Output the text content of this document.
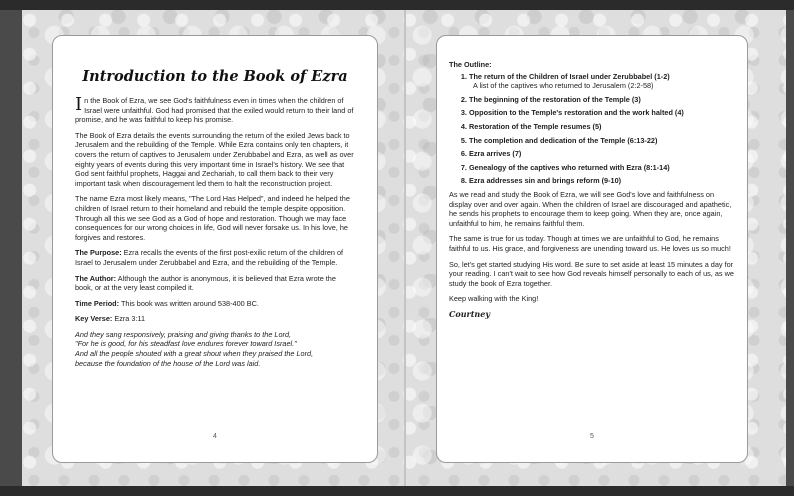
Introduction to the Book of Ezra

In the Book of Ezra, we see God's faithfulness even in times when the children of Israel were unfaithful. God had promised that the exiled would return to their land of promise, and he was faithful to keep his promise.

The Book of Ezra details the events surrounding the return of the exiled Jews back to Jerusalem and the rebuilding of the Temple. While Ezra contains only ten chapters, it covers the return of captives to Jerusalem under Zerubbabel and Ezra, as well as over eighty years of events during this very important time in Israel's history. We see that God sent faithful prophets, Haggai and Zechariah, to call them back to their very important task when discouragement led them to halt the reconstruction project.

The name Ezra most likely means, "The Lord Has Helped", and indeed he helped the children of Israel return to their homeland and rebuild the temple despite opposition. Through all this we see God as a God of hope and restoration. Though we may face consequences for our wrong choices in life, God will never forsake us. In his love, he forgives and restores.

The Purpose: Ezra recalls the events of the first post-exilic return of the children of Israel to Jerusalem under Zerubbabel and Ezra, and the rebuilding of the Temple.

The Author: Although the author is anonymous, it is believed that Ezra wrote the book, or at the very least compiled it.

Time Period: This book was written around 538-400 BC.

Key Verse: Ezra 3:11

And they sang responsively, praising and giving thanks to the Lord,
"For he is good, for his steadfast love endures forever toward Israel."
And all the people shouted with a great shout when they praised the Lord,
because the foundation of the house of the Lord was laid.
4
The Outline:
1. The return of the Children of Israel under Zerubbabel (1-2)
A list of the captives who returned to Jerusalem (2:2-58)
2. The beginning of the restoration of the Temple (3)
3. Opposition to the Temple's restoration and the work halted (4)
4. Restoration of the Temple resumes (5)
5. The completion and dedication of the Temple (6:13-22)
6. Ezra arrives (7)
7. Genealogy of the captives who returned with Ezra (8:1-14)
8. Ezra addresses sin and brings reform (9-10)

As we read and study the Book of Ezra, we will see God's love and faithfulness on display over and over again. When the children of Israel are discouraged and apathetic, he sends his prophets to encourage them to keep going. When they are, once again, unfaithful to him, he remains faithful them.

The same is true for us today. Though at times we are unfaithful to God, he remains faithful to us. His grace, and forgiveness are unending toward us. He loves us so much!

So, let's get started studying His word. Be sure to set aside at least 15 minutes a day for your reading. I can't wait to see how God reveals himself personally to each of us, as we study the book of Ezra together.

Keep walking with the King!

Courtney
5
